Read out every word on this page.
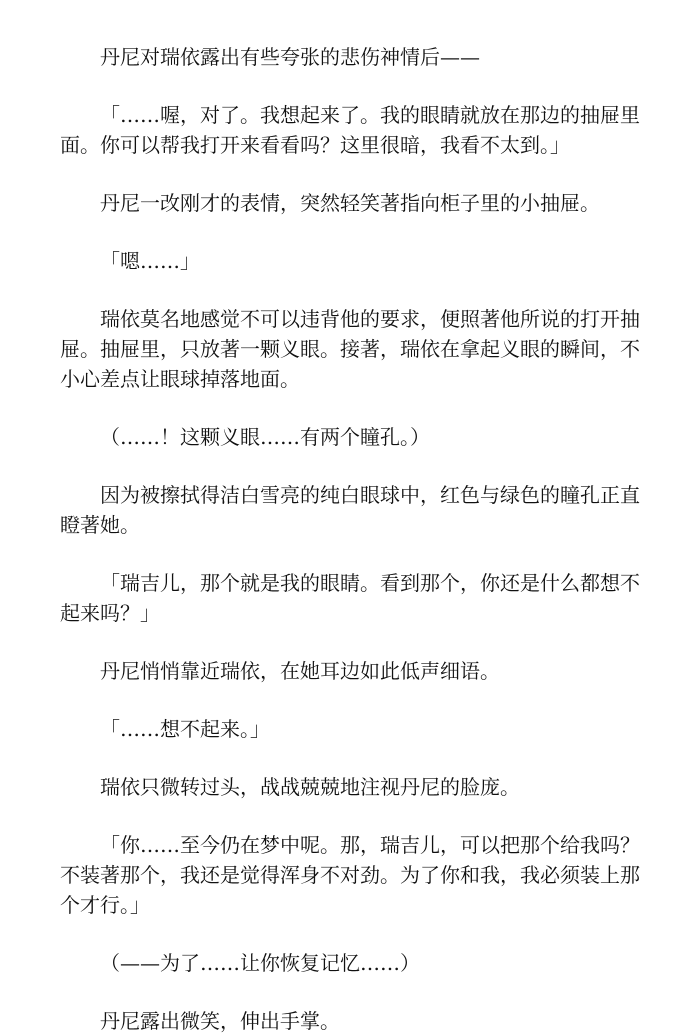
丹尼对瑞依露出有些夸张的悲伤神情后——

「……喔，对了。我想起来了。我的眼睛就放在那边的抽屉里面。你可以帮我打开来看看吗？这里很暗，我看不太到。」

丹尼一改刚才的表情，突然轻笑著指向柜子里的小抽屉。

「嗯……」

瑞依莫名地感觉不可以违背他的要求，便照著他所说的打开抽屉。抽屉里，只放著一颗义眼。接著，瑞依在拿起义眼的瞬间，不小心差点让眼球掉落地面。

（……！这颗义眼……有两个瞳孔。）

因为被擦拭得洁白雪亮的纯白眼球中，红色与绿色的瞳孔正直瞪著她。

「瑞吉儿，那个就是我的眼睛。看到那个，你还是什么都想不起来吗？」

丹尼悄悄靠近瑞依，在她耳边如此低声细语。

「……想不起来。」

瑞依只微转过头，战战兢兢地注视丹尼的脸庞。

「你……至今仍在梦中呢。那，瑞吉儿，可以把那个给我吗？不装著那个，我还是觉得浑身不对劲。为了你和我，我必须装上那个才行。」

（——为了……让你恢复记忆……）

丹尼露出微笑，伸出手掌。
